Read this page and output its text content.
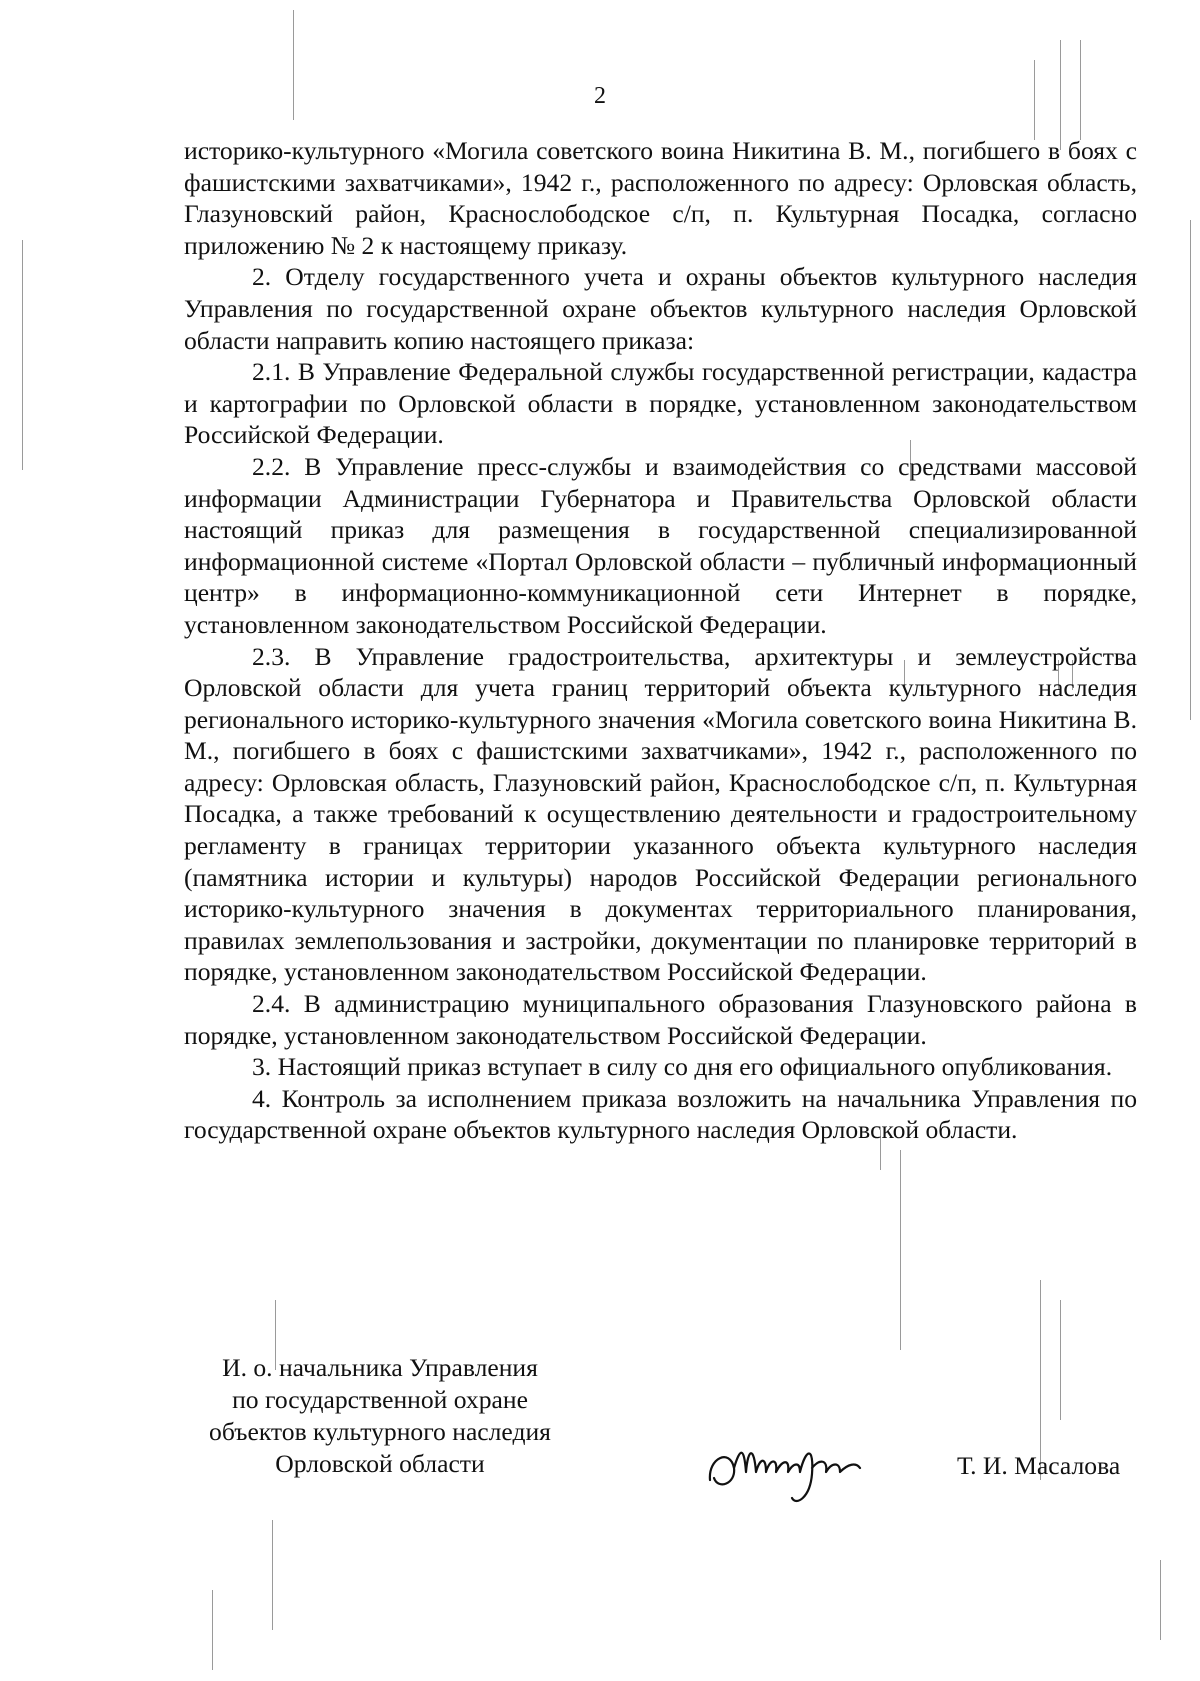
2

историко-культурного «Могила советского воина Никитина В. М., погибшего в боях с фашистскими захватчиками», 1942 г., расположенного по адресу: Орловская область, Глазуновский район, Краснослободское с/п, п. Культурная Посадка, согласно приложению № 2 к настоящему приказу.

2. Отделу государственного учета и охраны объектов культурного наследия Управления по государственной охране объектов культурного наследия Орловской области направить копию настоящего приказа:

2.1. В Управление Федеральной службы государственной регистрации, кадастра и картографии по Орловской области в порядке, установленном законодательством Российской Федерации.

2.2. В Управление пресс-службы и взаимодействия со средствами массовой информации Администрации Губернатора и Правительства Орловской области настоящий приказ для размещения в государственной специализированной информационной системе «Портал Орловской области – публичный информационный центр» в информационно-коммуникационной сети Интернет в порядке, установленном законодательством Российской Федерации.

2.3. В Управление градостроительства, архитектуры и землеустройства Орловской области для учета границ территорий объекта культурного наследия регионального историко-культурного значения «Могила советского воина Никитина В. М., погибшего в боях с фашистскими захватчиками», 1942 г., расположенного по адресу: Орловская область, Глазуновский район, Краснослободское с/п, п. Культурная Посадка, а также требований к осуществлению деятельности и градостроительному регламенту в границах территории указанного объекта культурного наследия (памятника истории и культуры) народов Российской Федерации регионального историко-культурного значения в документах территориального планирования, правилах землепользования и застройки, документации по планировке территорий в порядке, установленном законодательством Российской Федерации.

2.4. В администрацию муниципального образования Глазуновского района в порядке, установленном законодательством Российской Федерации.

3. Настоящий приказ вступает в силу со дня его официального опубликования.

4. Контроль за исполнением приказа возложить на начальника Управления по государственной охране объектов культурного наследия Орловской области.

И. о. начальника Управления
по государственной охране
объектов культурного наследия
Орловской области	Т. И. Масалова
